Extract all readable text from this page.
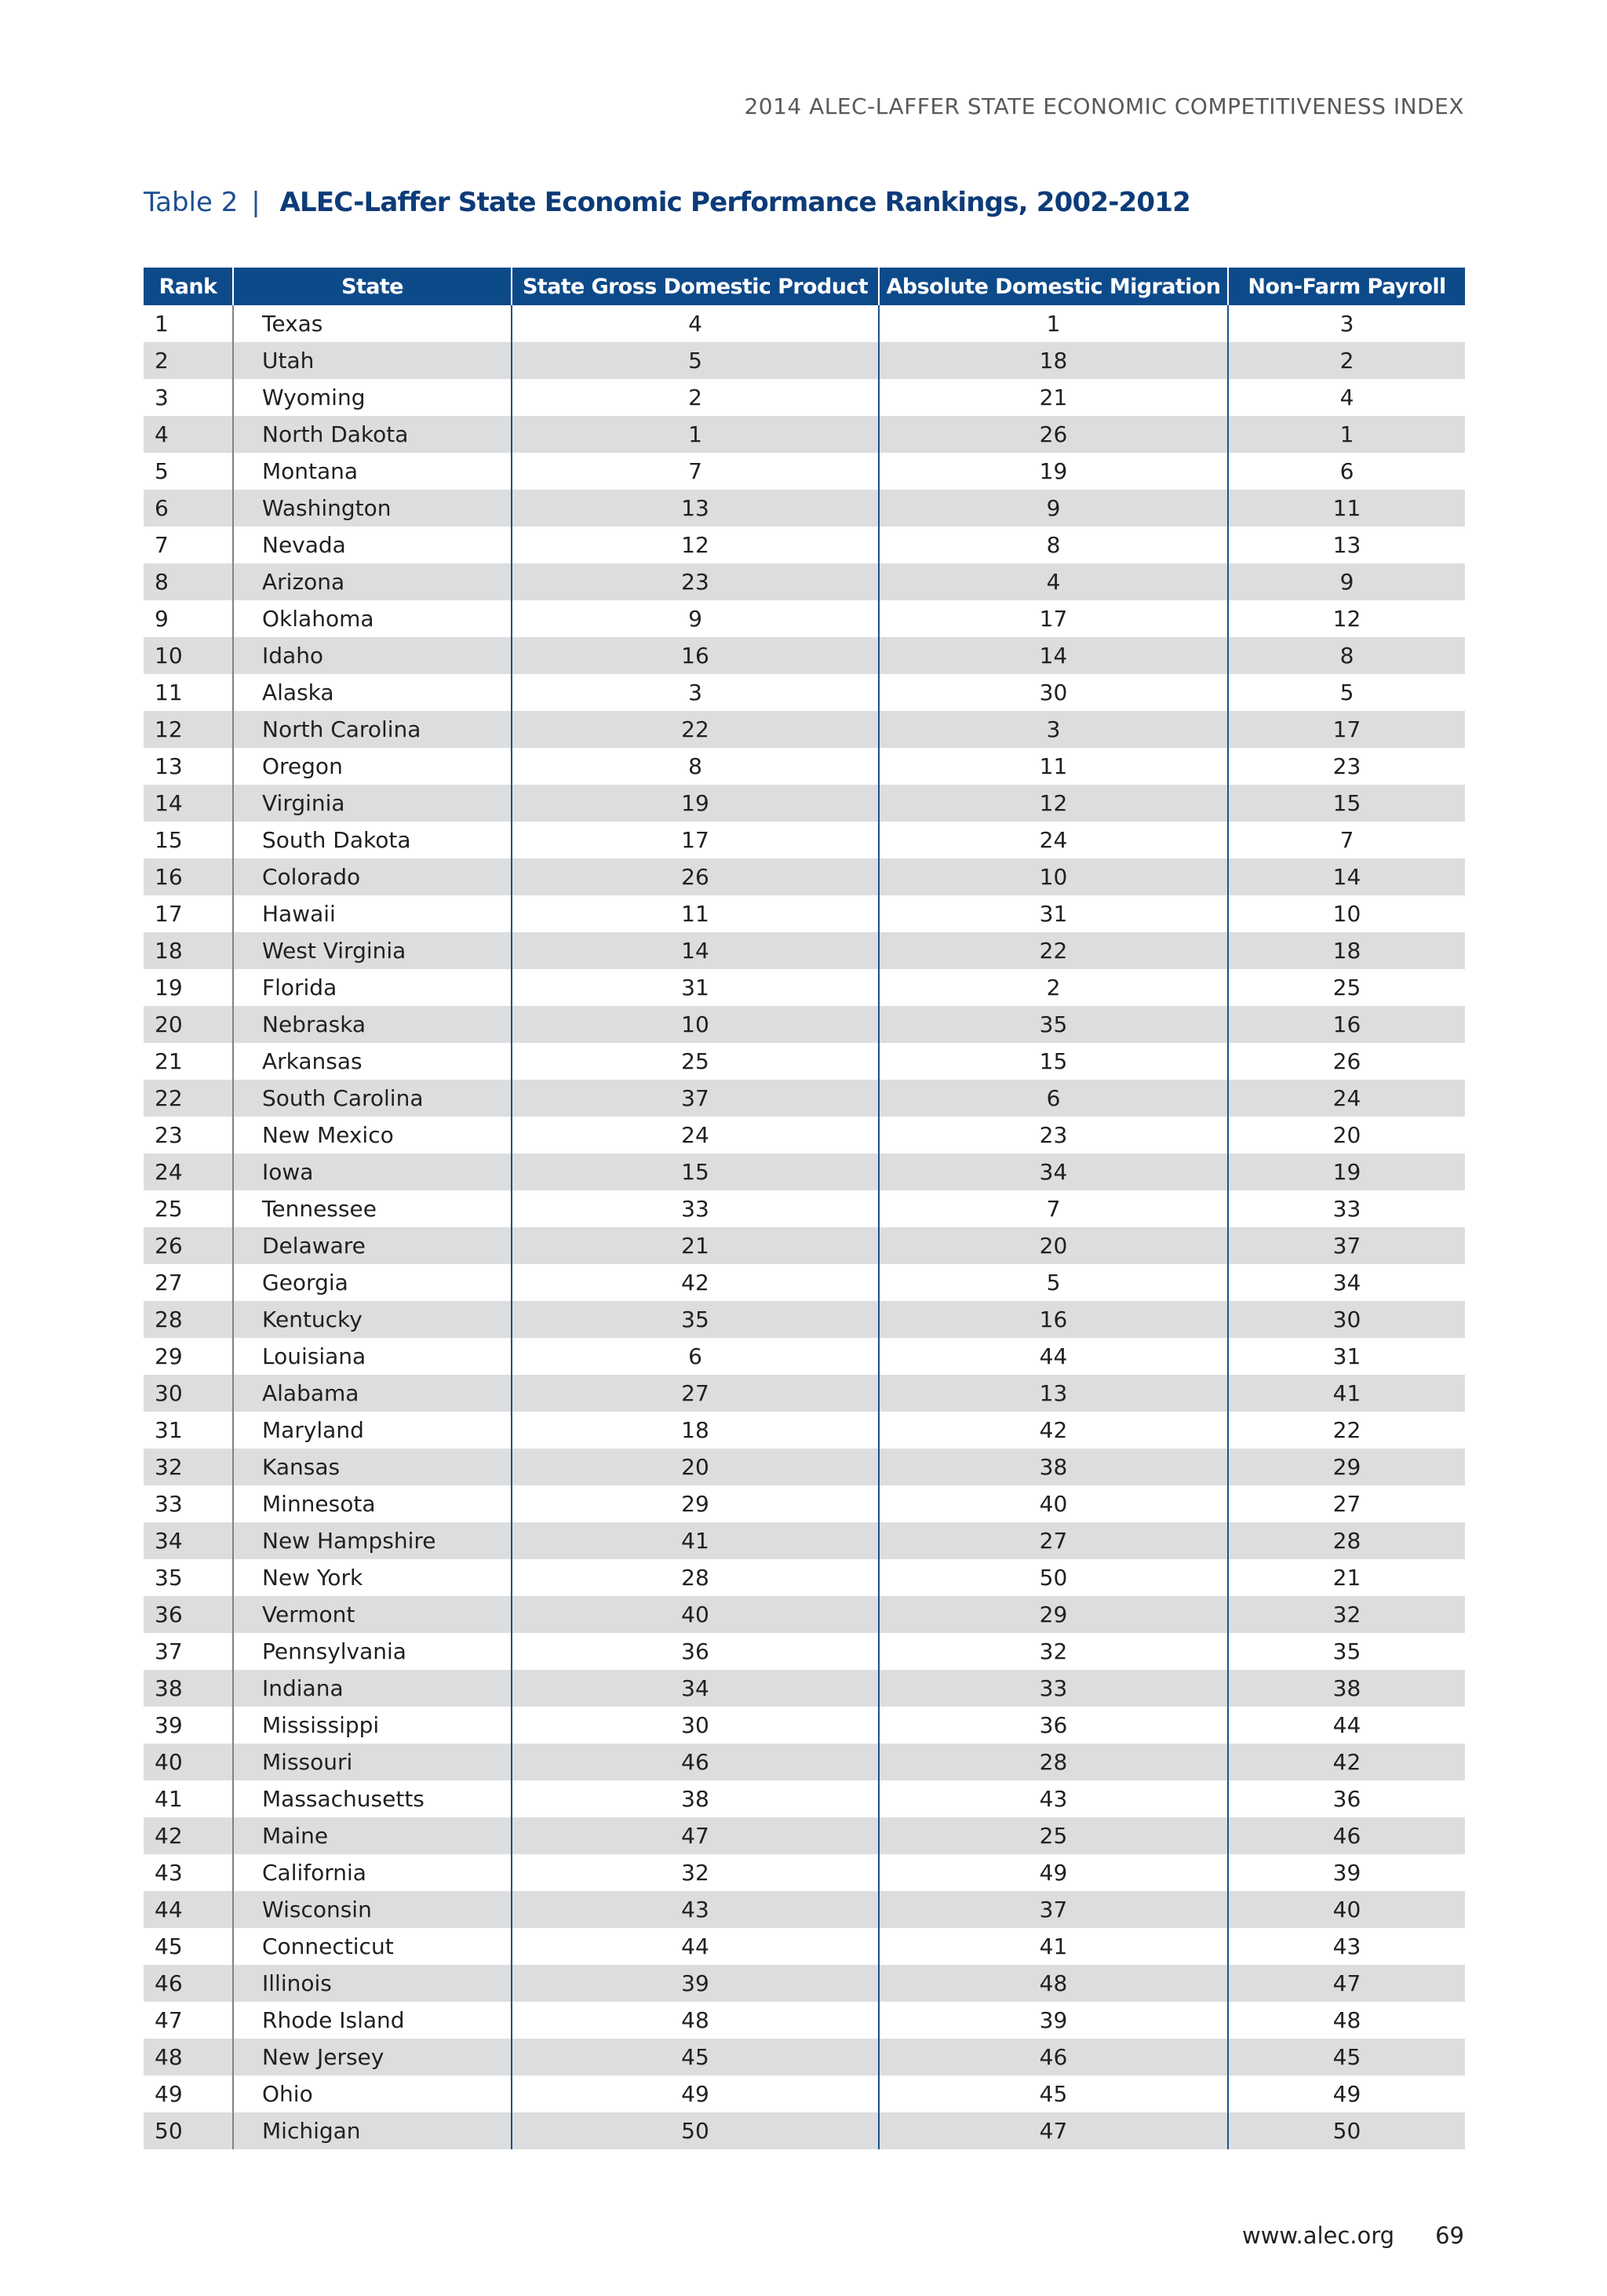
2014 ALEC-LAFFER STATE ECONOMIC COMPETITIVENESS INDEX
Table 2 | ALEC-Laffer State Economic Performance Rankings, 2002-2012
Rank	State	State Gross Domestic Product	Absolute Domestic Migration	Non-Farm Payroll
1	Texas	4	1	3
2	Utah	5	18	2
3	Wyoming	2	21	4
4	North Dakota	1	26	1
5	Montana	7	19	6
6	Washington	13	9	11
7	Nevada	12	8	13
8	Arizona	23	4	9
9	Oklahoma	9	17	12
10	Idaho	16	14	8
11	Alaska	3	30	5
12	North Carolina	22	3	17
13	Oregon	8	11	23
14	Virginia	19	12	15
15	South Dakota	17	24	7
16	Colorado	26	10	14
17	Hawaii	11	31	10
18	West Virginia	14	22	18
19	Florida	31	2	25
20	Nebraska	10	35	16
21	Arkansas	25	15	26
22	South Carolina	37	6	24
23	New Mexico	24	23	20
24	Iowa	15	34	19
25	Tennessee	33	7	33
26	Delaware	21	20	37
27	Georgia	42	5	34
28	Kentucky	35	16	30
29	Louisiana	6	44	31
30	Alabama	27	13	41
31	Maryland	18	42	22
32	Kansas	20	38	29
33	Minnesota	29	40	27
34	New Hampshire	41	27	28
35	New York	28	50	21
36	Vermont	40	29	32
37	Pennsylvania	36	32	35
38	Indiana	34	33	38
39	Mississippi	30	36	44
40	Missouri	46	28	42
41	Massachusetts	38	43	36
42	Maine	47	25	46
43	California	32	49	39
44	Wisconsin	43	37	40
45	Connecticut	44	41	43
46	Illinois	39	48	47
47	Rhode Island	48	39	48
48	New Jersey	45	46	45
49	Ohio	49	45	49
50	Michigan	50	47	50
www.alec.org 69
